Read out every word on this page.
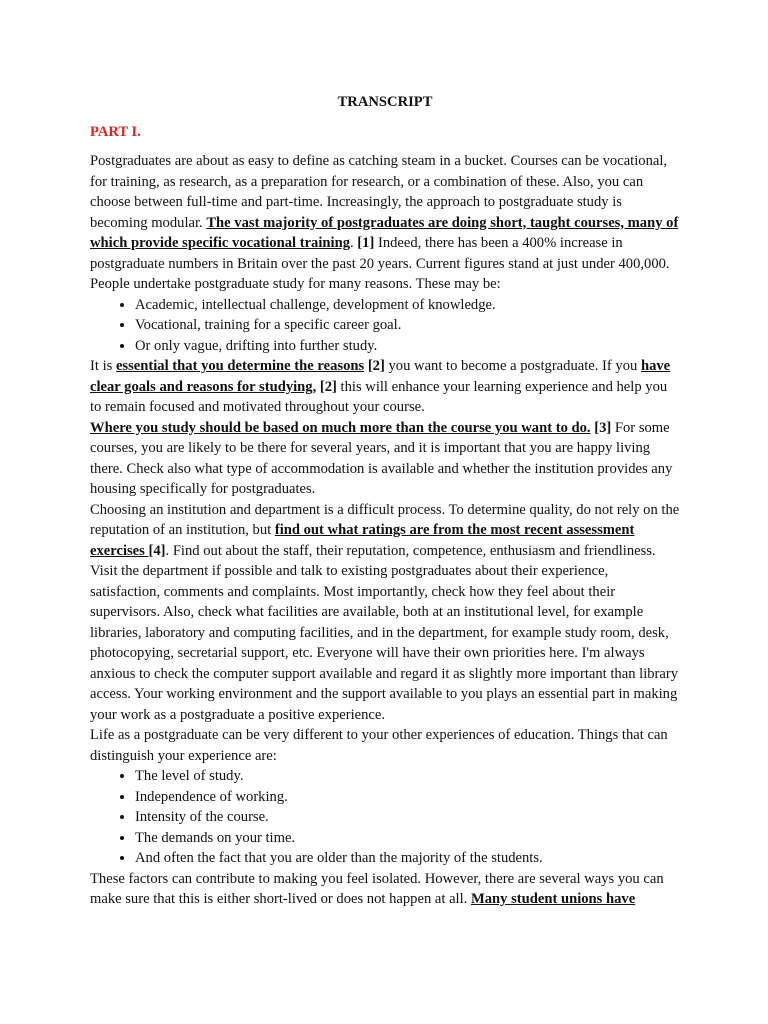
TRANSCRIPT
PART I.

Postgraduates are about as easy to define as catching steam in a bucket. Courses can be vocational, for training, as research, as a preparation for research, or a combination of these. Also, you can choose between full-time and part-time. Increasingly, the approach to postgraduate study is becoming modular. The vast majority of postgraduates are doing short, taught courses, many of which provide specific vocational training. [1] Indeed, there has been a 400% increase in postgraduate numbers in Britain over the past 20 years. Current figures stand at just under 400,000.

People undertake postgraduate study for many reasons. These may be:

• Academic, intellectual challenge, development of knowledge.
• Vocational, training for a specific career goal.
• Or only vague, drifting into further study.

It is essential that you determine the reasons [2] you want to become a postgraduate. If you have clear goals and reasons for studying, [2] this will enhance your learning experience and help you to remain focused and motivated throughout your course.

Where you study should be based on much more than the course you want to do. [3] For some courses, you are likely to be there for several years, and it is important that you are happy living there. Check also what type of accommodation is available and whether the institution provides any housing specifically for postgraduates.

Choosing an institution and department is a difficult process. To determine quality, do not rely on the reputation of an institution, but find out what ratings are from the most recent assessment exercises [4]. Find out about the staff, their reputation, competence, enthusiasm and friendliness. Visit the department if possible and talk to existing postgraduates about their experience, satisfaction, comments and complaints. Most importantly, check how they feel about their supervisors. Also, check what facilities are available, both at an institutional level, for example libraries, laboratory and computing facilities, and in the department, for example study room, desk, photocopying, secretarial support, etc. Everyone will have their own priorities here. I'm always anxious to check the computer support available and regard it as slightly more important than library access. Your working environment and the support available to you plays an essential part in making your work as a postgraduate a positive experience.

Life as a postgraduate can be very different to your other experiences of education. Things that can distinguish your experience are:

• The level of study.
• Independence of working.
• Intensity of the course.
• The demands on your time.
• And often the fact that you are older than the majority of the students.

These factors can contribute to making you feel isolated. However, there are several ways you can make sure that this is either short-lived or does not happen at all. Many student unions have
